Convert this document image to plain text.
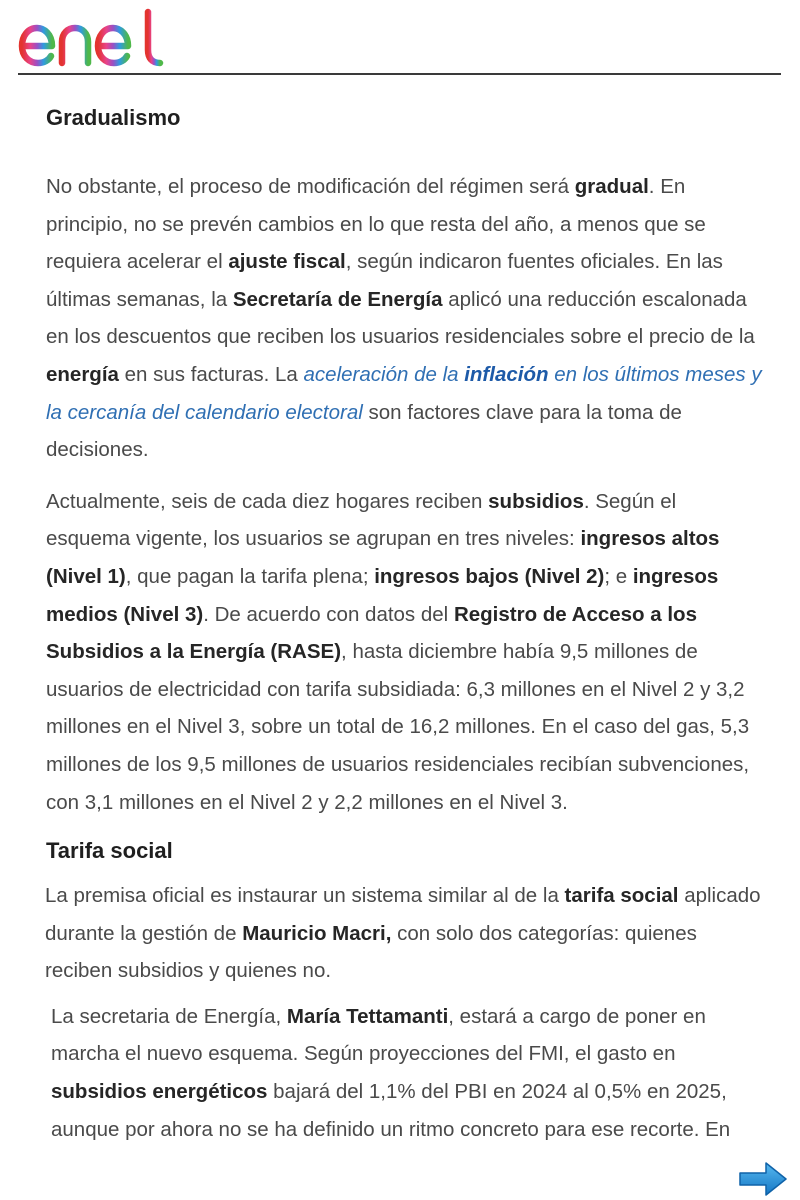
Gradualismo

No obstante, el proceso de modificación del régimen será gradual. En principio, no se prevén cambios en lo que resta del año, a menos que se requiera acelerar el ajuste fiscal, según indicaron fuentes oficiales. En las últimas semanas, la Secretaría de Energía aplicó una reducción escalonada en los descuentos que reciben los usuarios residenciales sobre el precio de la energía en sus facturas. La aceleración de la inflación en los últimos meses y la cercanía del calendario electoral son factores clave para la toma de decisiones.

Actualmente, seis de cada diez hogares reciben subsidios. Según el esquema vigente, los usuarios se agrupan en tres niveles: ingresos altos (Nivel 1), que pagan la tarifa plena; ingresos bajos (Nivel 2); e ingresos medios (Nivel 3). De acuerdo con datos del Registro de Acceso a los Subsidios a la Energía (RASE), hasta diciembre había 9,5 millones de usuarios de electricidad con tarifa subsidiada: 6,3 millones en el Nivel 2 y 3,2 millones en el Nivel 3, sobre un total de 16,2 millones. En el caso del gas, 5,3 millones de los 9,5 millones de usuarios residenciales recibían subvenciones, con 3,1 millones en el Nivel 2 y 2,2 millones en el Nivel 3.

Tarifa social

La premisa oficial es instaurar un sistema similar al de la tarifa social aplicado durante la gestión de Mauricio Macri, con solo dos categorías: quienes reciben subsidios y quienes no.

La secretaria de Energía, María Tettamanti, estará a cargo de poner en marcha el nuevo esquema. Según proyecciones del FMI, el gasto en subsidios energéticos bajará del 1,1% del PBI en 2024 al 0,5% en 2025, aunque por ahora no se ha definido un ritmo concreto para ese recorte. En
